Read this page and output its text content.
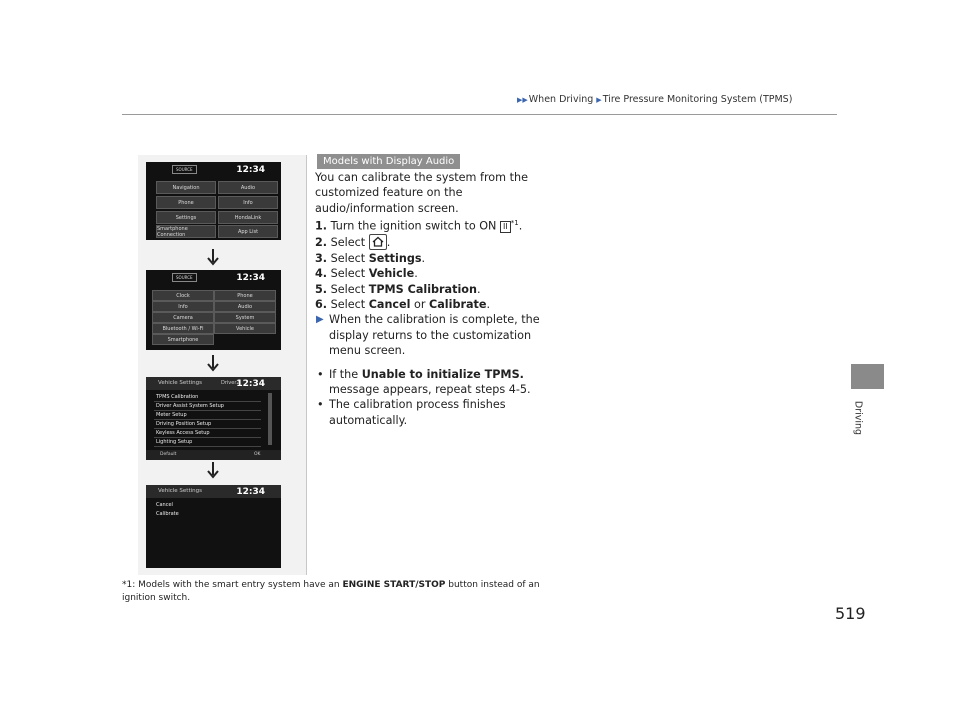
▶▶When Driving ▶Tire Pressure Monitoring System (TPMS)
Driving
SOURCE	12:34
Navigation	Audio
Phone	Info
Settings	HondaLink
Smartphone Connection	App List
SOURCE	12:34
Clock	Phone
Info	Audio
Camera	System
Bluetooth / Wi-Fi	Vehicle
Smartphone
Vehicle Settings	Driver2
12:34
TPMS Calibration
Driver Assist System Setup
Meter Setup
Driving Position Setup
Keyless Access Setup
Lighting Setup
Default	OK
Vehicle Settings	12:34
Cancel
Calibrate
Models with Display Audio

You can calibrate the system from the customized feature on the audio/information screen.

1. Turn the ignition switch to ON II $^{*1}$.

2. Select .

3. Select Settings.

4. Select Vehicle.

5. Select TPMS Calibration.

6. Select Cancel or Calibrate.

▶ When the calibration is complete, the display returns to the customization menu screen.

• If the Unable to initialize TPMS. message appears, repeat steps 4-5.

• The calibration process finishes automatically.

*1: Models with the smart entry system have an ENGINE START/STOP button instead of an ignition switch.
519
